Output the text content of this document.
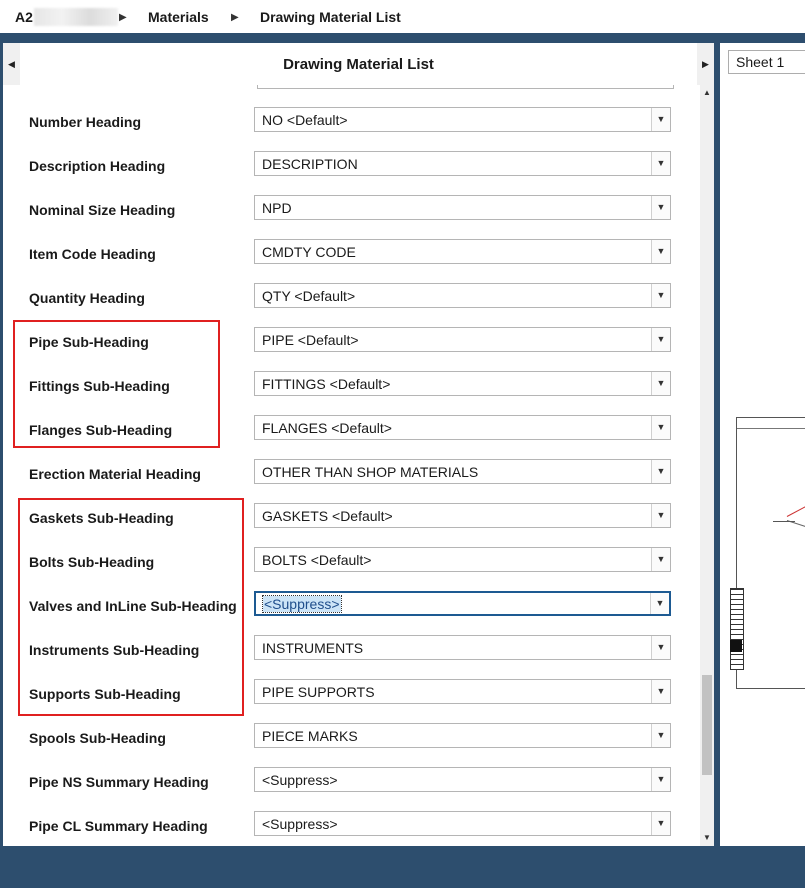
A2	▶ Materials ▶ Drawing Material List
◀	Drawing Material List	▶
Number Heading	NO <Default>	▼
Description Heading	DESCRIPTION	▼
Nominal Size Heading	NPD	▼
Item Code Heading	CMDTY CODE	▼
Quantity Heading	QTY <Default>	▼
Pipe Sub-Heading	PIPE <Default>	▼
Fittings Sub-Heading	FITTINGS <Default>	▼
Flanges Sub-Heading	FLANGES <Default>	▼
Erection Material Heading	OTHER THAN SHOP MATERIALS	▼
Gaskets Sub-Heading	GASKETS <Default>	▼
Bolts Sub-Heading	BOLTS <Default>	▼
Valves and InLine Sub-Heading <Suppress>	▼
Instruments Sub-Heading	INSTRUMENTS	▼
Supports Sub-Heading	PIPE SUPPORTS	▼
Spools Sub-Heading	PIECE MARKS	▼
Pipe NS Summary Heading	<Suppress>	▼
Pipe CL Summary Heading	<Suppress>	▼
▲
▼
Sheet 1
